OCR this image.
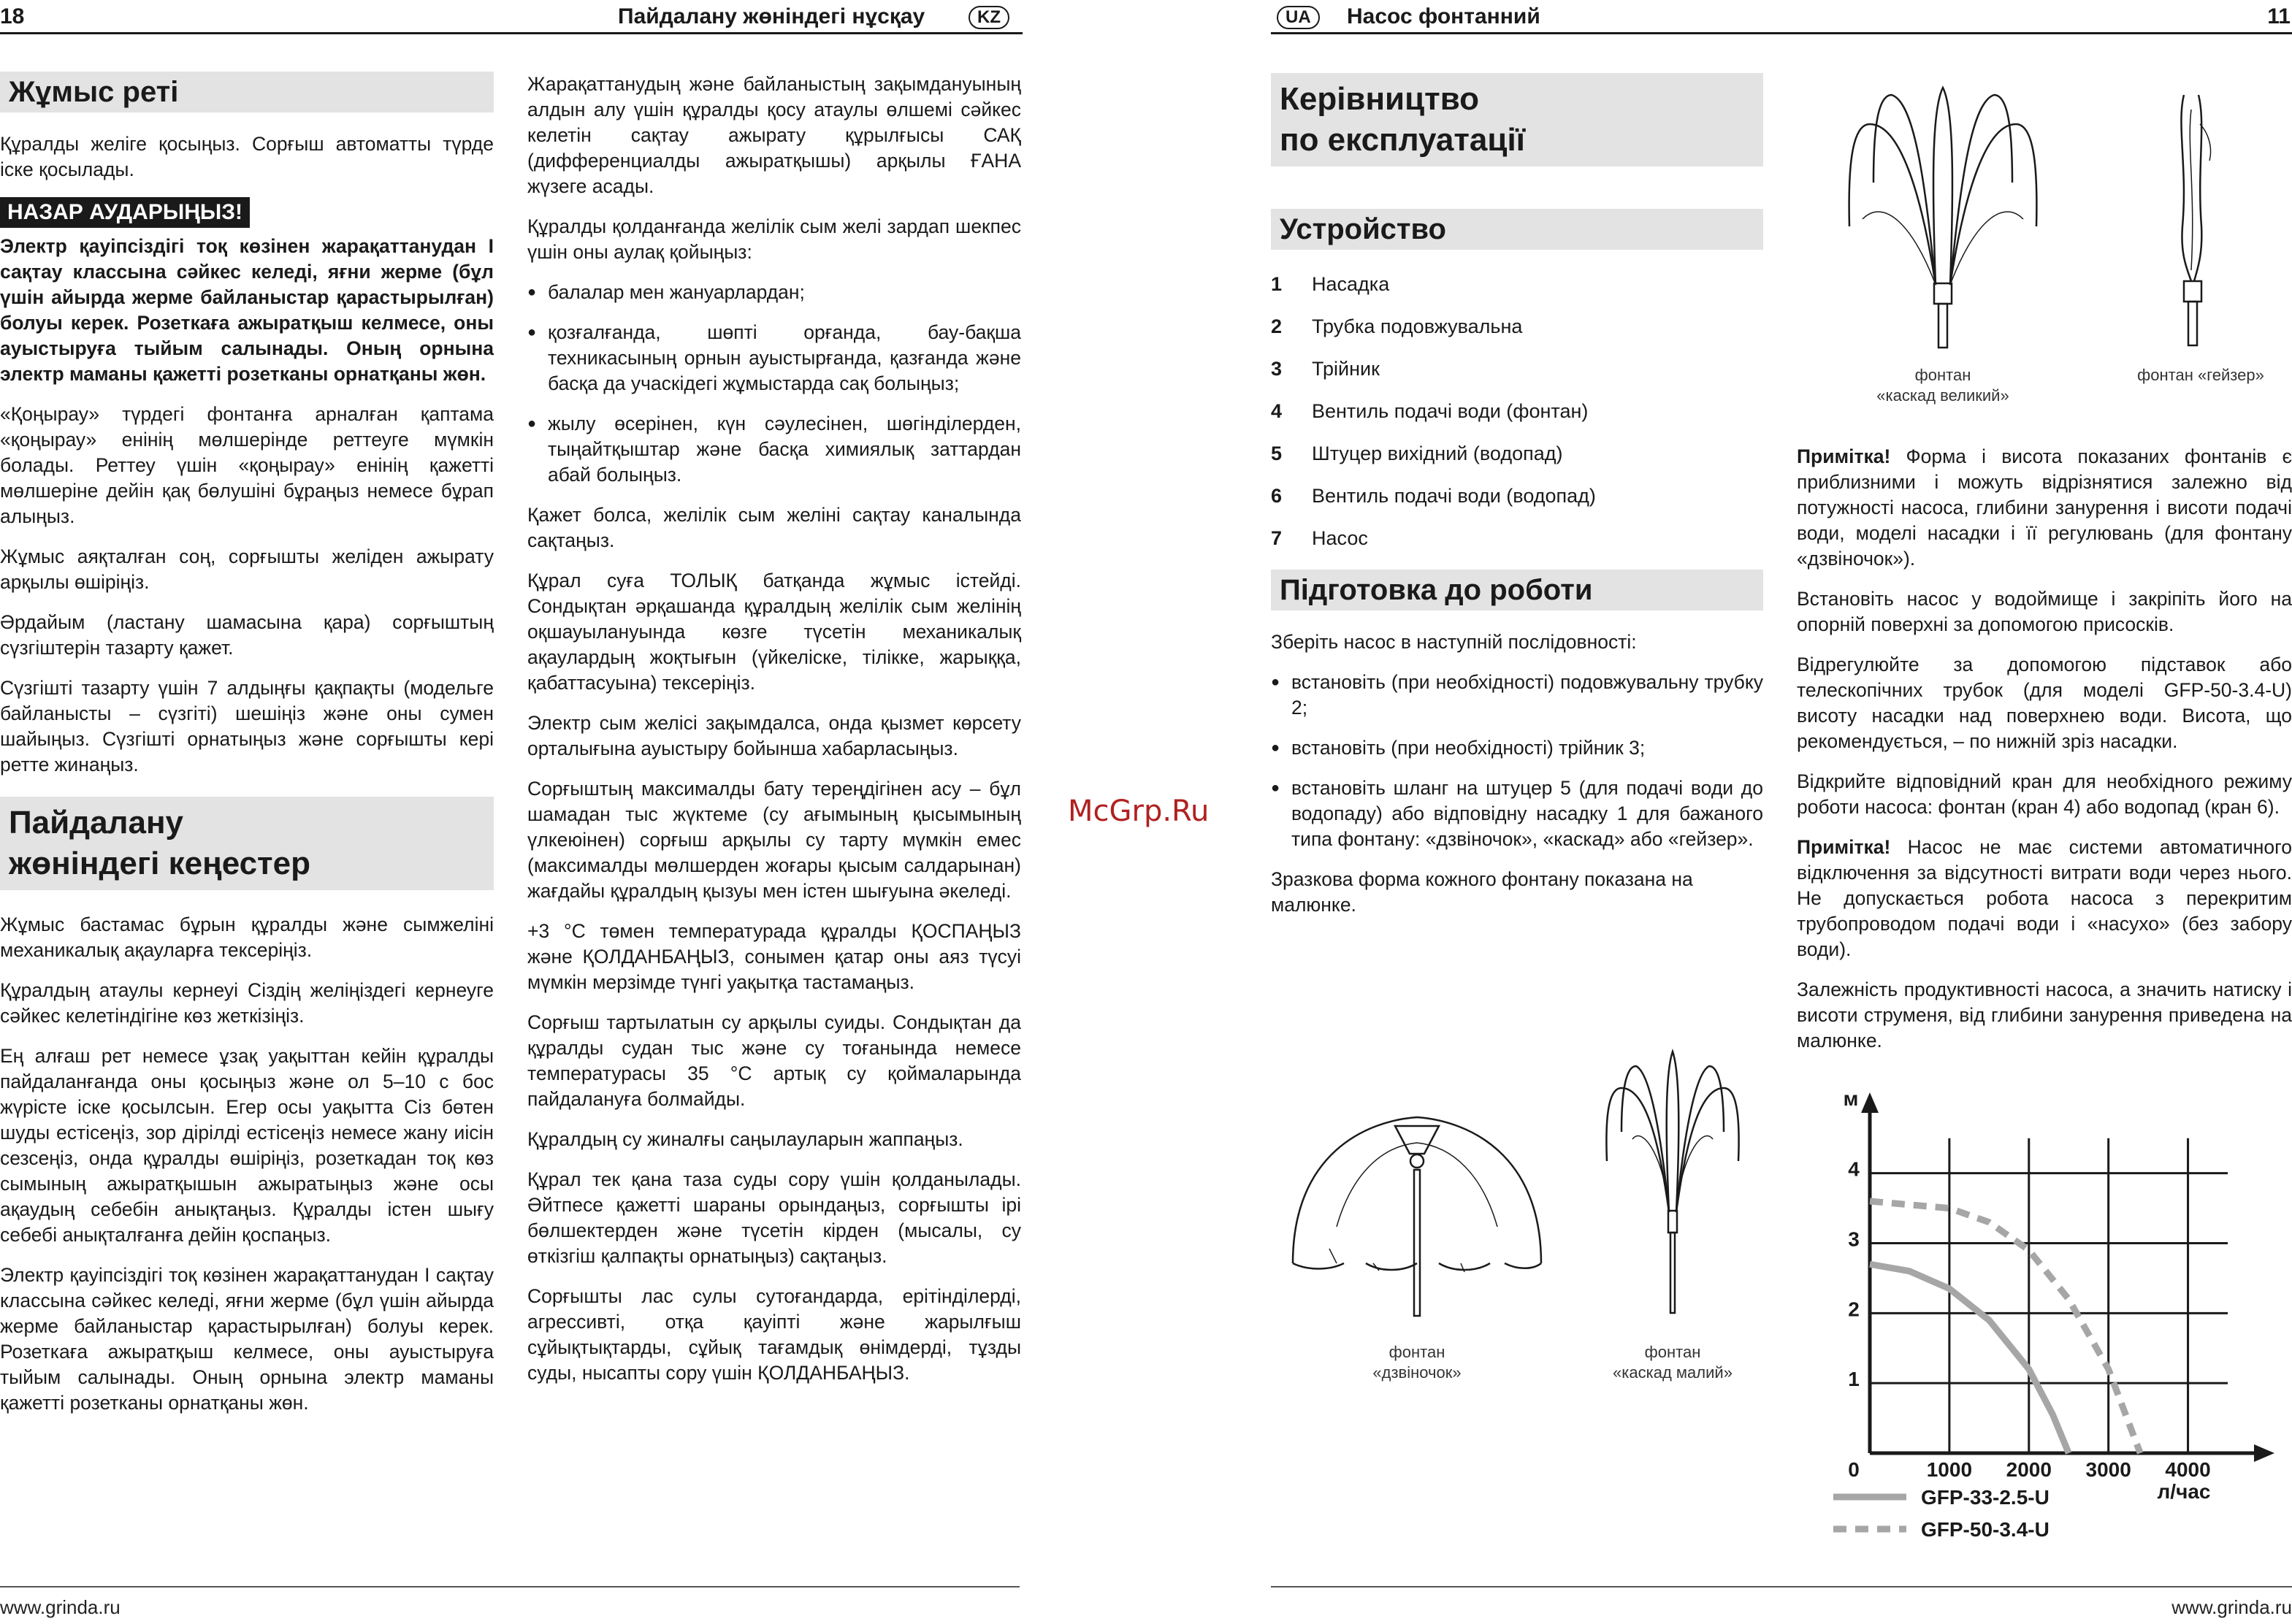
18	Пайдалану жөніндегі нұсқау	KZ
Жұмыс реті

Құралды желіге қосыңыз. Сорғыш автоматты түрде іске қосылады.

НАЗАР АУДАРЫҢЫЗ!

Электр қауіпсіздігі тоқ көзінен жарақаттанудан I сақтау классына сәйкес келеді, яғни жерме (бұл үшін айырда жерме байланыстар қарастырылған) болуы керек. Розеткаға ажыратқыш келмесе, оны ауыстыруға тыйым салынады. Оның орнына электр маманы қажетті розетканы орнатқаны жөн.

«Қоңырау» түрдегі фонтанға арналған қаптама «қоңырау» енінің мөлшерінде реттеуге мүмкін болады. Реттеу үшін «қоңырау» енінің қажетті мөлшеріне дейін қақ бөлушіні бұраңыз немесе бұрап алыңыз.

Жұмыс аяқталған соң, сорғышты желіден ажырату арқылы өшіріңіз.

Әрдайым (ластану шамасына қара) сорғыштың сүзгіштерін тазарту қажет.

Сүзгішті тазарту үшін 7 алдыңғы қақпақты (модельге байланысты – сүзгіті) шешіңіз және оны сумен шайыңыз. Сүзгішті орнатыңыз және сорғышты кері ретте жинаңыз.

Пайдалану
жөніндегі кеңестер

Жұмыс бастамас бұрын құралды және сымжеліні механикалық ақауларға тексеріңіз.

Құралдың атаулы кернеуі Сіздің желіңіздегі кернеуге сәйкес келетіндігіне көз жеткізіңіз.

Ең алғаш рет немесе ұзақ уақыттан кейін құралды пайдаланғанда оны қосыңыз және ол 5–10 с бос жүрісте іске қосылсын. Егер осы уақытта Сіз бөтен шуды естісеңіз, зор дірілді естісеңіз немесе жану иісін сезсеңіз, онда құралды өшіріңіз, розеткадан тоқ көз сымының ажыратқышын ажыратыңыз және осы ақаудың себебін анықтаңыз. Құралды істен шығу себебі анықталғанға дейін қоспаңыз.

Электр қауіпсіздігі тоқ көзінен жарақаттанудан I сақтау классына сәйкес келеді, яғни жерме (бұл үшін айырда жерме байланыстар қарастырылған) болуы керек. Розеткаға ажыратқыш келмесе, оны ауыстыруға тыйым салынады. Оның орнына электр маманы қажетті розетканы орнатқаны жөн.

Жарақаттанудың және байланыстың зақымдануының алдын алу үшін құралды қосу атаулы өлшемі сәйкес келетін сақтау ажырату құрылғысы САҚ (дифференциалды ажыратқышы) арқылы ҒАНА жүзеге асады.

Құралды қолданғанда желілік сым желі зардап шекпес үшін оны аулақ қойыңыз:

● балалар мен жануарлардан;
● қозғалғанда, шөпті орғанда, бау-бақша техникасының орнын ауыстырғанда, қазғанда және басқа да учаскідегі жұмыстарда сақ болыңыз;
● жылу өсерінен, күн сәулесінен, шөгінділерден, тыңайтқыштар және басқа химиялық заттардан абай болыңыз.

Қажет болса, желілік сым желіні сақтау каналында сақтаңыз.

Құрал суға ТОЛЫҚ батқанда жұмыс істейді. Сондықтан әрқашанда құралдың желілік сым желінің оқшауылануында көзге түсетін механикалық ақаулардың жоқтығын (үйкеліске, тілікке, жарыққа, қабаттасуына) тексеріңіз.

Электр сым желісі зақымдалса, онда қызмет көрсету орталығына ауыстыру бойынша хабарласыңыз.

Сорғыштың максималды бату тереңдігінен асу – бұл шамадан тыс жүктеме (су ағымының қысымының үлкеюінен) сорғыш арқылы су тарту мүмкін емес (максималды мөлшерден жоғары қысым салдарынан) жағдайы құралдың қызуы мен істен шығуына әкеледі.

+3 °C төмен температурада құралды ҚОСПАҢЫЗ және ҚОЛДАНБАҢЫЗ, сонымен қатар оны аяз түсуі мүмкін мерзімде түнгі уақытқа тастамаңыз.

Сорғыш тартылатын су арқылы суиды. Сондықтан да құралды судан тыс және су тоғанында немесе температурасы 35 °C артық су қоймаларында пайдалануға болмайды.

Құралдың су жиналғы саңылауларын жаппаңыз.

Құрал тек қана таза суды сору үшін қолданылады. Әйтпесе қажетті шараны орындаңыз, сорғышты ірі бөлшектерден және түсетін кірден (мысалы, су өткізгіш қалпақты орнатыңыз) сақтаңыз.

Сорғышты лас сулы сутоғандарда, ерітінділерді, агрессивті, отқа қауіпті және жарылғыш сұйықтықтарды, сұйық тағамдық өнімдерді, тұзды суды, нысапты сору үшін ҚОЛДАНБАҢЫЗ.

www.grinda.ru
McGrp.Ru
UA	Насос фонтанний	11
Керівництво
по експлуатації
Устройство
1	Насадка
2	Трубка подовжувальна
3	Трійник
4	Вентиль подачі води (фонтан)
5	Штуцер вихідний (водопад)
6	Вентиль подачі води (водопад)
7	Насос
Підготовка до роботи

Зберіть насос в наступній послідовності:

● встановіть (при необхідності) подовжувальну трубку 2;
● встановіть (при необхідності) трійник 3;
● встановіть шланг на штуцер 5 (для подачі води до водопаду) або відповідну насадку 1 для бажаного типа фонтану: «дзвіночок», «каскад» або «гейзер».

Зразкова форма кожного фонтану показана на малюнке.

фонтан
«дзвіночок»
фонтан
«каскад малий»
фонтан
«каскад великий»
фонтан «гейзер»

Примітка! Форма і висота показаних фонтанів є приблизними і можуть відрізнятися залежно від потужності насоса, глибини занурення і висоти подачі води, моделі насадки і її регулювань (для фонтану «дзвіночок»).

Встановіть насос у водоймище і закріпіть його на опорній поверхні за допомогою присосків.

Відрегулюйте за допомогою підставок або телескопічних трубок (для моделі GFP-50-3.4-U) висоту насадки над поверхнею води. Висота, що рекомендується, – по нижній зріз насадки.

Відкрийте відповідний кран для необхідного режиму роботи насоса: фонтан (кран 4) або водопад (кран 6).

Примітка! Насос не має системи автоматичного відключення за відсутності витрати води через нього. Не допускається робота насоса з перекритим трубопроводом подачі води і «насухо» (без забору води).

Залежність продуктивності насоса, а значить натиску і висоти струменя, від глибини занурення приведена на малюнке.

0	1000 2000 3000 4000
1
2
3
4
м
л/час
GFP-33-2.5-U
GFP-50-3.4-U
www.grinda.ru
